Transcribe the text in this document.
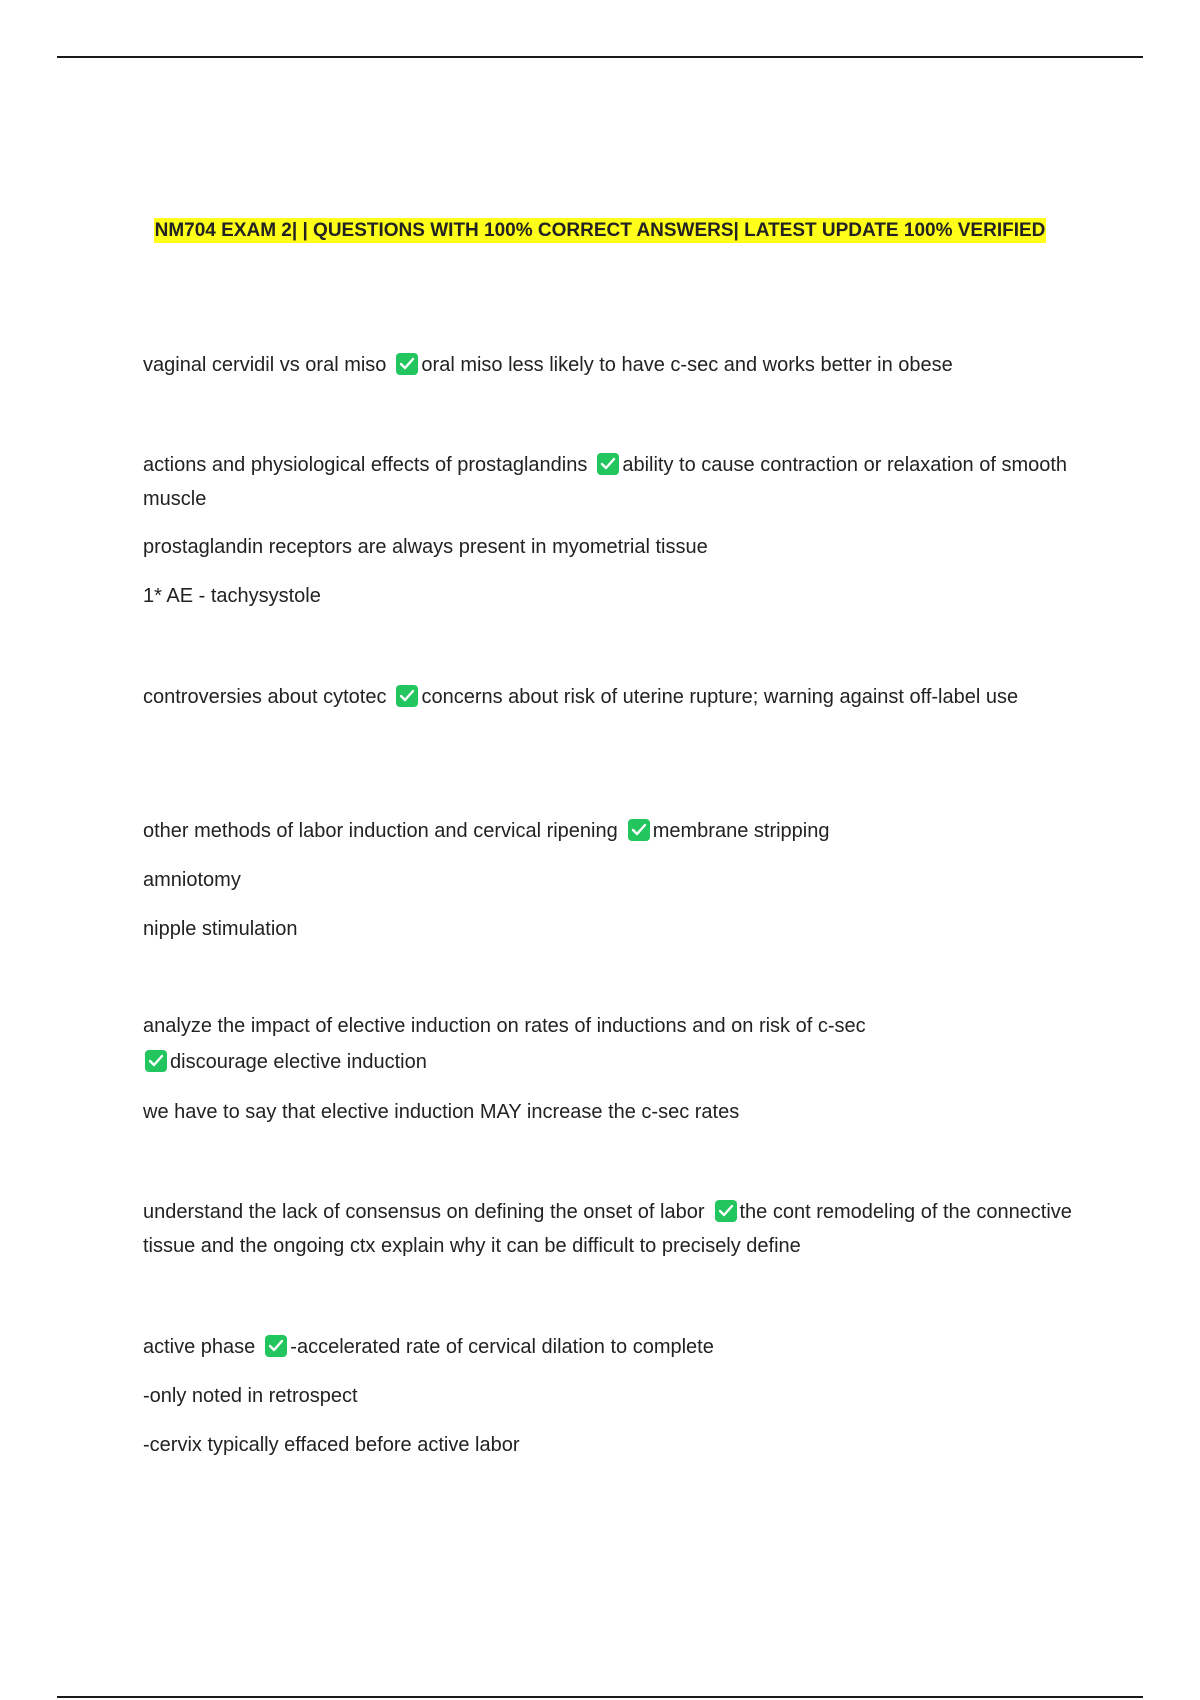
NM704 EXAM 2| | QUESTIONS WITH 100% CORRECT ANSWERS| LATEST UPDATE 100% VERIFIED
vaginal cervidil vs oral miso oral miso less likely to have c-sec and works better in obese
actions and physiological effects of prostaglandins ability to cause contraction or relaxation of smooth muscle
prostaglandin receptors are always present in myometrial tissue
1* AE - tachysystole
controversies about cytotec concerns about risk of uterine rupture; warning against off-label use
other methods of labor induction and cervical ripening membrane stripping
amniotomy
nipple stimulation
analyze the impact of elective induction on rates of inductions and on risk of c-sec
discourage elective induction
we have to say that elective induction MAY increase the c-sec rates
understand the lack of consensus on defining the onset of labor the cont remodeling of the connective tissue and the ongoing ctx explain why it can be difficult to precisely define
active phase -accelerated rate of cervical dilation to complete
-only noted in retrospect
-cervix typically effaced before active labor
